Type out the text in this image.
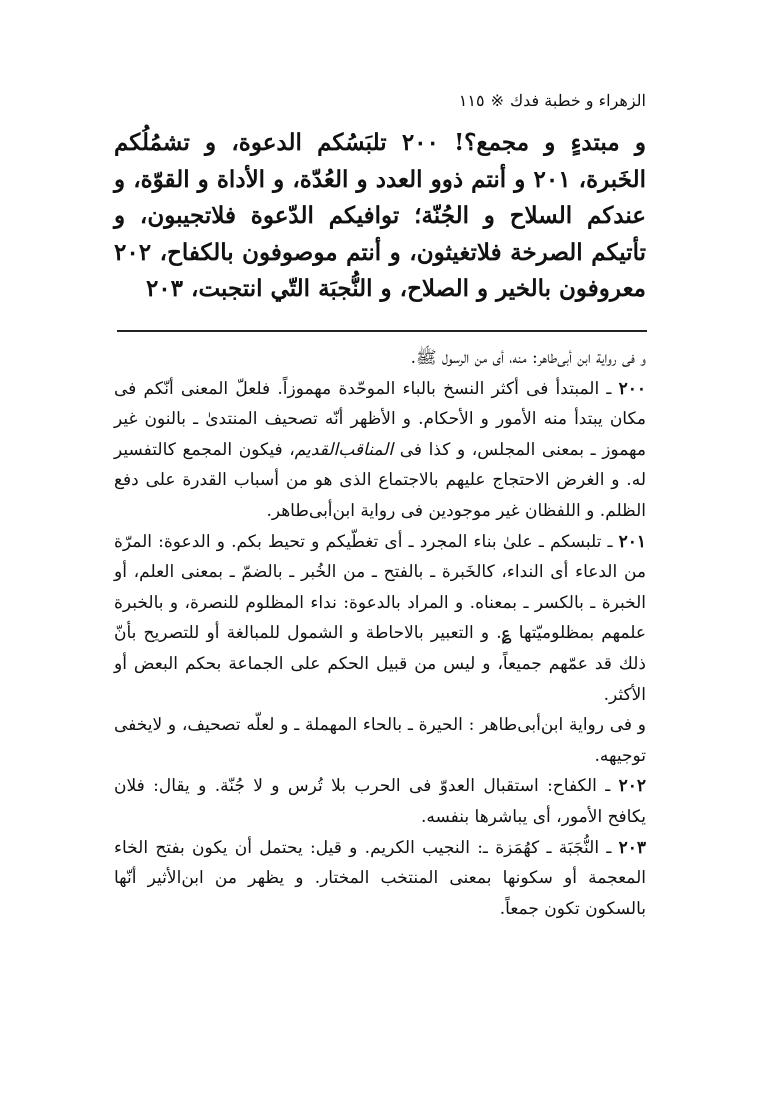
الزهراء و خطبة فدك※١١٥
و مبتدءٍ و مجمع؟! ٢٠٠ تلبَسُكم الدعوة، و تشمُلُكم الخَبرة، ٢٠١ و أنتم ذوو العدد و العُدّة، و الأداة و القوّة، و عندكم السلاح و الجُنّة؛ توافيكم الدّعوة فلاتجيبون، و تأتيكم الصرخة فلاتغيثون، و أنتم موصوفون بالكفاح، ٢٠٢ معروفون بالخير و الصلاح، و النُّجبَة التّي انتجبت، ٢٠٣

و فى رواية ابن أبى‌طاهر: منه، أى من الرسول ﷺ.

٢٠٠ ـ المبتدأ فى أكثر النسخ بالباء الموحّدة مهموزاً. فلعلّ المعنى أنّكم فى مكان يبتدأ منه الأمور و الأحكام. و الأظهر أنّه تصحيف المنتدىٰ ـ بالنون غير مهموز ـ بمعنى المجلس، و كذا فى المناقب‌القديم، فيكون المجمع كالتفسير له. و الغرض الاحتجاج عليهم بالاجتماع الذى هو من أسباب القدرة على دفع الظلم. و اللفظان غير موجودين فى رواية ابن‌أبى‌طاهر.

٢٠١ ـ تلبسكم ـ علىٰ بناء المجرد ـ أى تغطّيكم و تحيط بكم. و الدعوة: المرّة من الدعاء أى النداء، كالخَبرة ـ بالفتح ـ من الخُبر ـ بالضمّ ـ بمعنى العلم، أو الخبرة ـ بالكسر ـ بمعناه. و المراد بالدعوة: نداء المظلوم للنصرة، و بالخبرة علمهم بمظلوميّتها ؏. و التعبير بالاحاطة و الشمول للمبالغة أو للتصريح بأنّ ذلك قد عمّهم جميعاً، و ليس من قبيل الحكم على الجماعة بحكم البعض أو الأكثر.

و فى رواية ابن‌أبى‌طاهر : الحيرة ـ بالحاء المهملة ـ و لعلّه تصحيف، و لايخفى توجيهه.

٢٠٢ ـ الكفاح: استقبال العدوّ فى الحرب بلا تُرس و لا جُنّة. و يقال: فلان يكافح الأمور، أى يباشرها بنفسه.

٢٠٣ ـ النُّجَبَة ـ كهُمَزة ـ: النجيب الكريم. و قيل: يحتمل أن يكون بفتح الخاء المعجمة أو سكونها بمعنى المنتخب المختار. و يظهر من ابن‌الأثير أنّها بالسكون تكون جمعاً.
